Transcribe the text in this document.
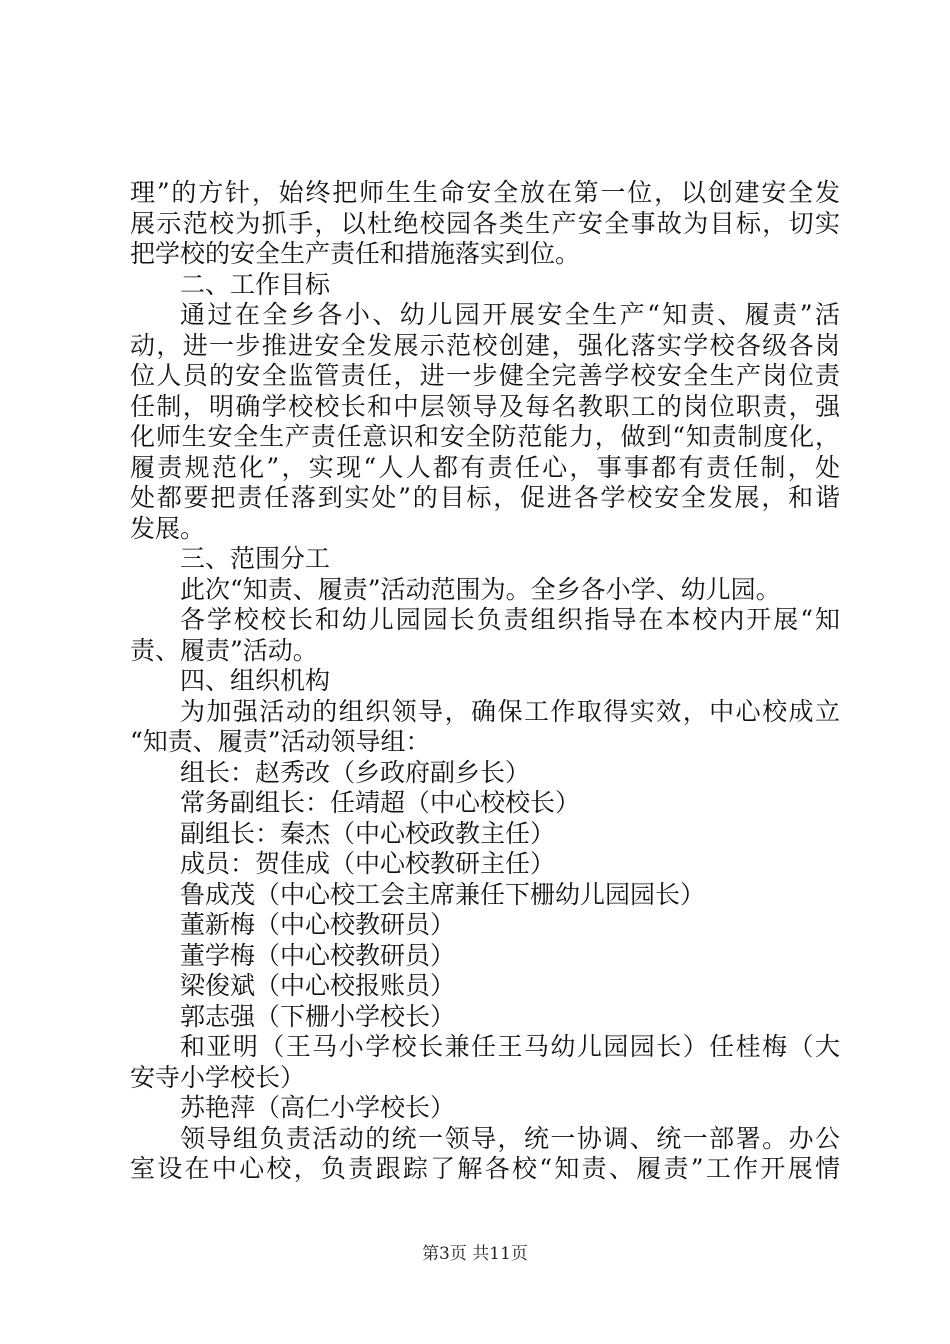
理”的方针，始终把师生生命安全放在第一位，以创建安全发
展示范校为抓手，以杜绝校园各类生产安全事故为目标，切实
把学校的安全生产责任和措施落实到位。
二、工作目标
通过在全乡各小、幼儿园开展安全生产“知责、履责”活
动，进一步推进安全发展示范校创建，强化落实学校各级各岗
位人员的安全监管责任，进一步健全完善学校安全生产岗位责
任制，明确学校校长和中层领导及每名教职工的岗位职责，强
化师生安全生产责任意识和安全防范能力，做到“知责制度化，
履责规范化”，实现“人人都有责任心，事事都有责任制，处
处都要把责任落到实处”的目标，促进各学校安全发展，和谐
发展。
三、范围分工
此次“知责、履责”活动范围为。全乡各小学、幼儿园。
各学校校长和幼儿园园长负责组织指导在本校内开展“知
责、履责”活动。
四、组织机构
为加强活动的组织领导，确保工作取得实效，中心校成立
“知责、履责”活动领导组：
组长：赵秀改（乡政府副乡长）
常务副组长：任靖超（中心校校长）
副组长：秦杰（中心校政教主任）
成员：贺佳成（中心校教研主任）
鲁成茂（中心校工会主席兼任下栅幼儿园园长）
董新梅（中心校教研员）
董学梅（中心校教研员）
梁俊斌（中心校报账员）
郭志强（下栅小学校长）
和亚明（王马小学校长兼任王马幼儿园园长）任桂梅（大
安寺小学校长）
苏艳萍（高仁小学校长）
领导组负责活动的统一领导，统一协调、统一部署。办公
室设在中心校，负责跟踪了解各校“知责、履责”工作开展情
第3页 共11页
